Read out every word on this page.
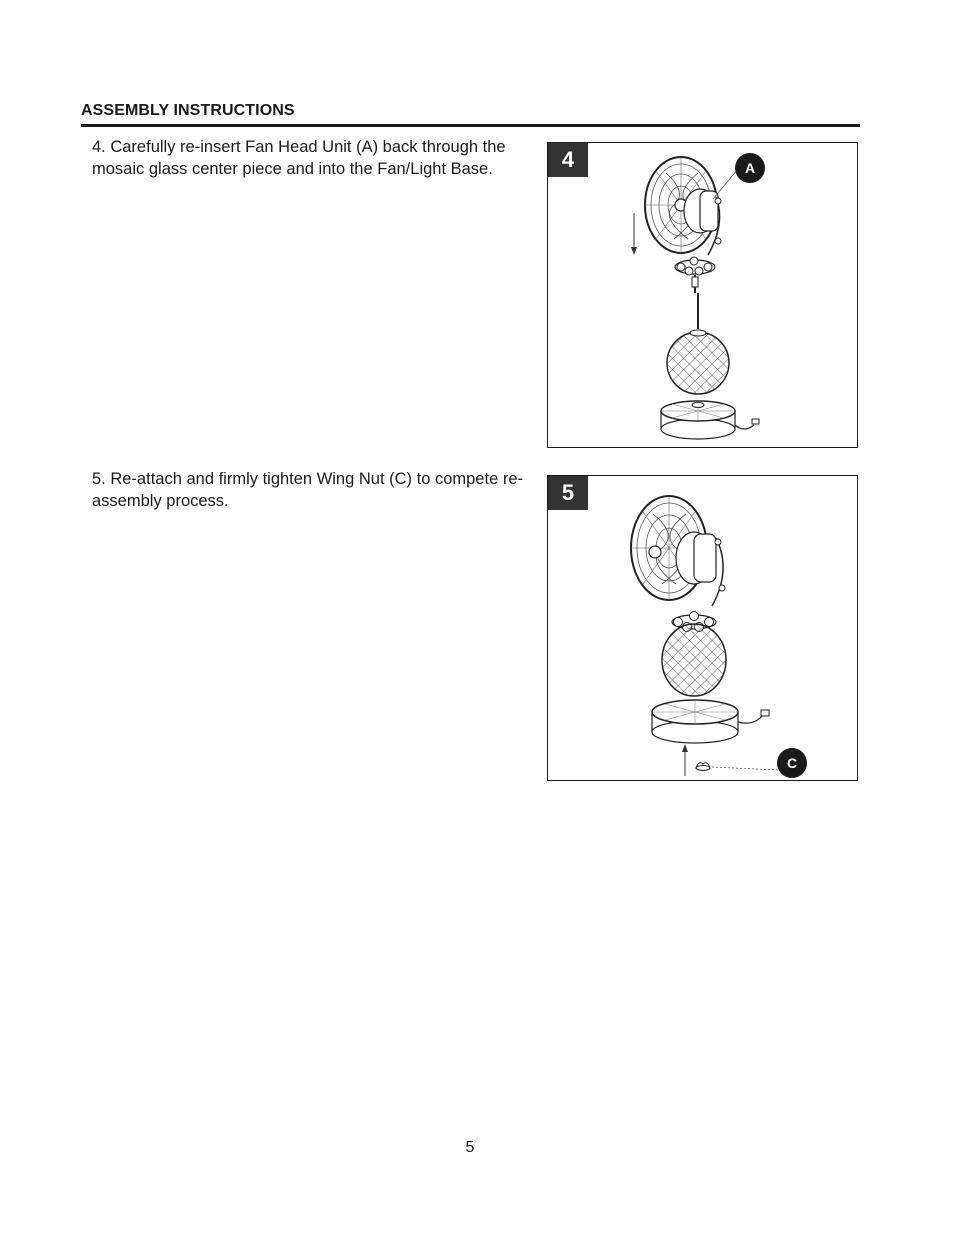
ASSEMBLY INSTRUCTIONS
4. Carefully re-insert Fan Head Unit (A) back through the mosaic glass center piece and into the Fan/Light Base.	4	A
5. Re-attach and firmly tighten Wing Nut (C) to compete re-assembly process.	5
C
5
